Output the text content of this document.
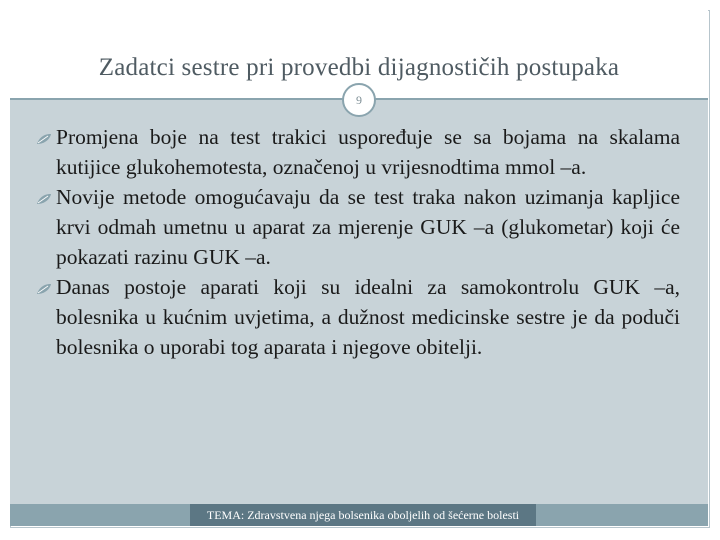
Zadatci sestre pri provedbi dijagnostičih postupaka
9
Promjena boje na test trakici uspoređuje se sa bojama na skalama kutijice glukohemotesta, označenoj u vrijesnodtima mmol –a.
Novije metode omogućavaju da se test traka nakon uzimanja kapljice krvi odmah umetnu u aparat za mjerenje GUK –a (glukometar) koji će pokazati razinu GUK –a.
Danas postoje aparati koji su idealni za samokontrolu GUK –a, bolesnika u kućnim uvjetima, a dužnost medicinske sestre je da poduči bolesnika o uporabi tog aparata i njegove obitelji.
TEMA: Zdravstvena njega bolsenika oboljelih od šećerne bolesti
